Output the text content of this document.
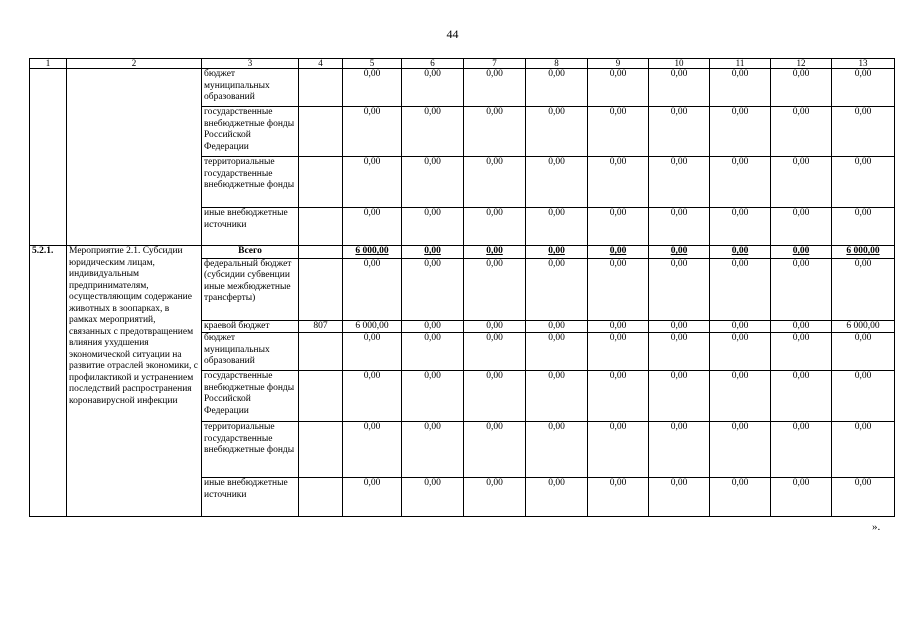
44
1	2	3	4	5	6	7	8	9	10	11	12	13
		бюджет муниципальных образований		0,00	0,00	0,00	0,00	0,00	0,00	0,00	0,00	0,00
		государственные внебюджетные фонды Российской Федерации		0,00	0,00	0,00	0,00	0,00	0,00	0,00	0,00	0,00
		территориальные государственные внебюджетные фонды		0,00	0,00	0,00	0,00	0,00	0,00	0,00	0,00	0,00
		иные внебюджетные источники		0,00	0,00	0,00	0,00	0,00	0,00	0,00	0,00	0,00
5.2.1.	Мероприятие 2.1. Субсидии юридическим лицам, индивидуальным предпринимателям, осуществляющим содержание животных в зоопарках, в рамках мероприятий, связанных с предотвращением влияния ухудшения экономической ситуации на развитие отраслей экономики, с профилактикой и устранением последствий распространения коронавирусной инфекции	Всего		6 000,00	0,00	0,00	0,00	0,00	0,00	0,00	0,00	6 000,00
		федеральный бюджет (субсидии субвенции иные межбюджетные трансферты)		0,00	0,00	0,00	0,00	0,00	0,00	0,00	0,00	0,00
		краевой бюджет	807	6 000,00	0,00	0,00	0,00	0,00	0,00	0,00	0,00	6 000,00
		бюджет муниципальных образований		0,00	0,00	0,00	0,00	0,00	0,00	0,00	0,00	0,00
		государственные внебюджетные фонды Российской Федерации		0,00	0,00	0,00	0,00	0,00	0,00	0,00	0,00	0,00
		территориальные государственные внебюджетные фонды		0,00	0,00	0,00	0,00	0,00	0,00	0,00	0,00	0,00
		иные внебюджетные источники		0,00	0,00	0,00	0,00	0,00	0,00	0,00	0,00	0,00
».
